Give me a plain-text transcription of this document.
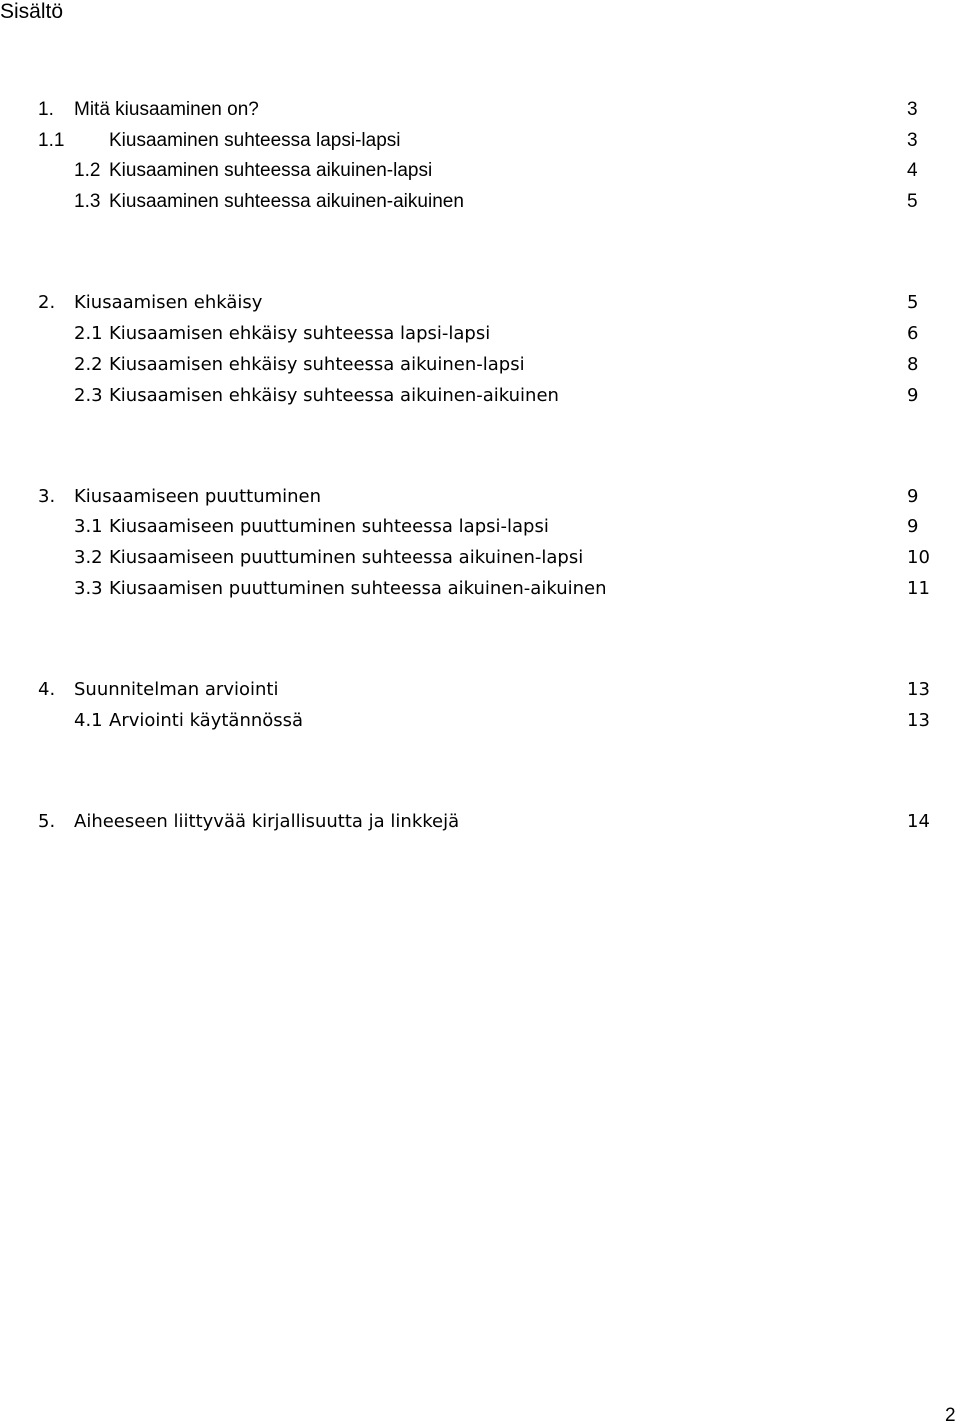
Sisältö
1. Mitä kiusaaminen on?	3
1.1 Kiusaaminen suhteessa lapsi-lapsi	3
1.2 Kiusaaminen suhteessa aikuinen-lapsi	4
1.3 Kiusaaminen suhteessa aikuinen-aikuinen	5
2. Kiusaamisen ehkäisy	5
2.1 Kiusaamisen ehkäisy suhteessa lapsi-lapsi	6
2.2 Kiusaamisen ehkäisy suhteessa aikuinen-lapsi	8
2.3 Kiusaamisen ehkäisy suhteessa aikuinen-aikuinen	9
3. Kiusaamiseen puuttuminen	9
3.1 Kiusaamiseen puuttuminen suhteessa lapsi-lapsi	9
3.2 Kiusaamiseen puuttuminen suhteessa aikuinen-lapsi	10
3.3 Kiusaamisen puuttuminen suhteessa aikuinen-aikuinen	11
4. Suunnitelman arviointi	13
4.1 Arviointi käytännössä	13
5. Aiheeseen liittyvää kirjallisuutta ja linkkejä	14
2
